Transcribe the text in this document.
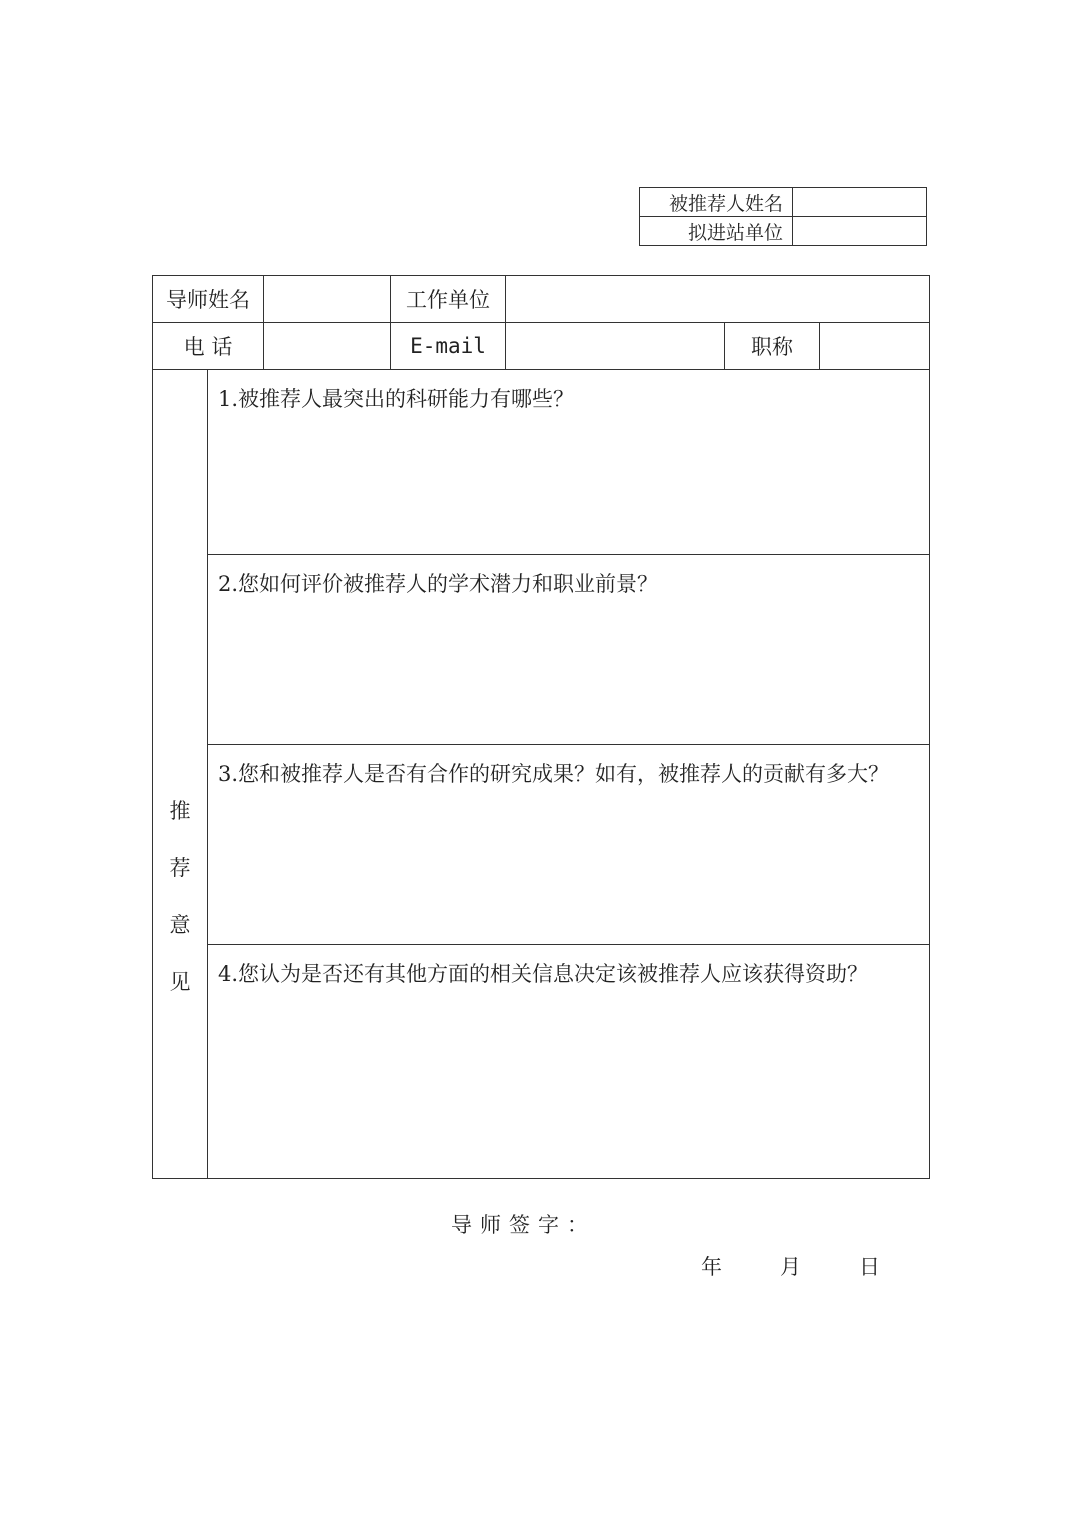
被推荐人姓名	
拟进站单位	
导师姓名			工作单位			
电 话			E-mail		职称	
推
荐
意
见	1.被推荐人最突出的科研能力有哪些？					
	2.您如何评价被推荐人的学术潜力和职业前景？					
	3.您和被推荐人是否有合作的研究成果？如有，被推荐人的贡献有多大？					
	4.您认为是否还有其他方面的相关信息决定该被推荐人应该获得资助？					
导师签字：
年	月	日
